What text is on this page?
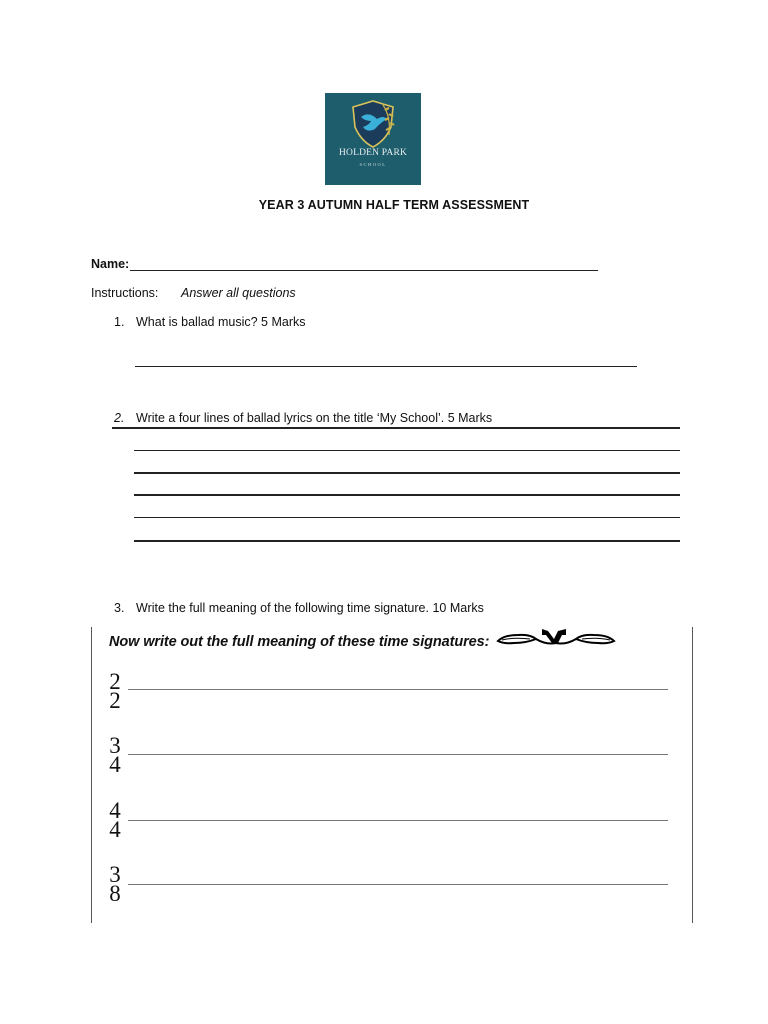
HOLDEN PARK
SCHOOL
YEAR 3 AUTUMN HALF TERM ASSESSMENT
Name:
Instructions: Answer all questions
1. What is ballad music? 5 Marks
2. Write a four lines of ballad lyrics on the title ‘My School’. 5 Marks
3. Write the full meaning of the following time signature. 10 Marks
Now write out the full meaning of these time signatures:
2
2
3
4
4
4
3
8
